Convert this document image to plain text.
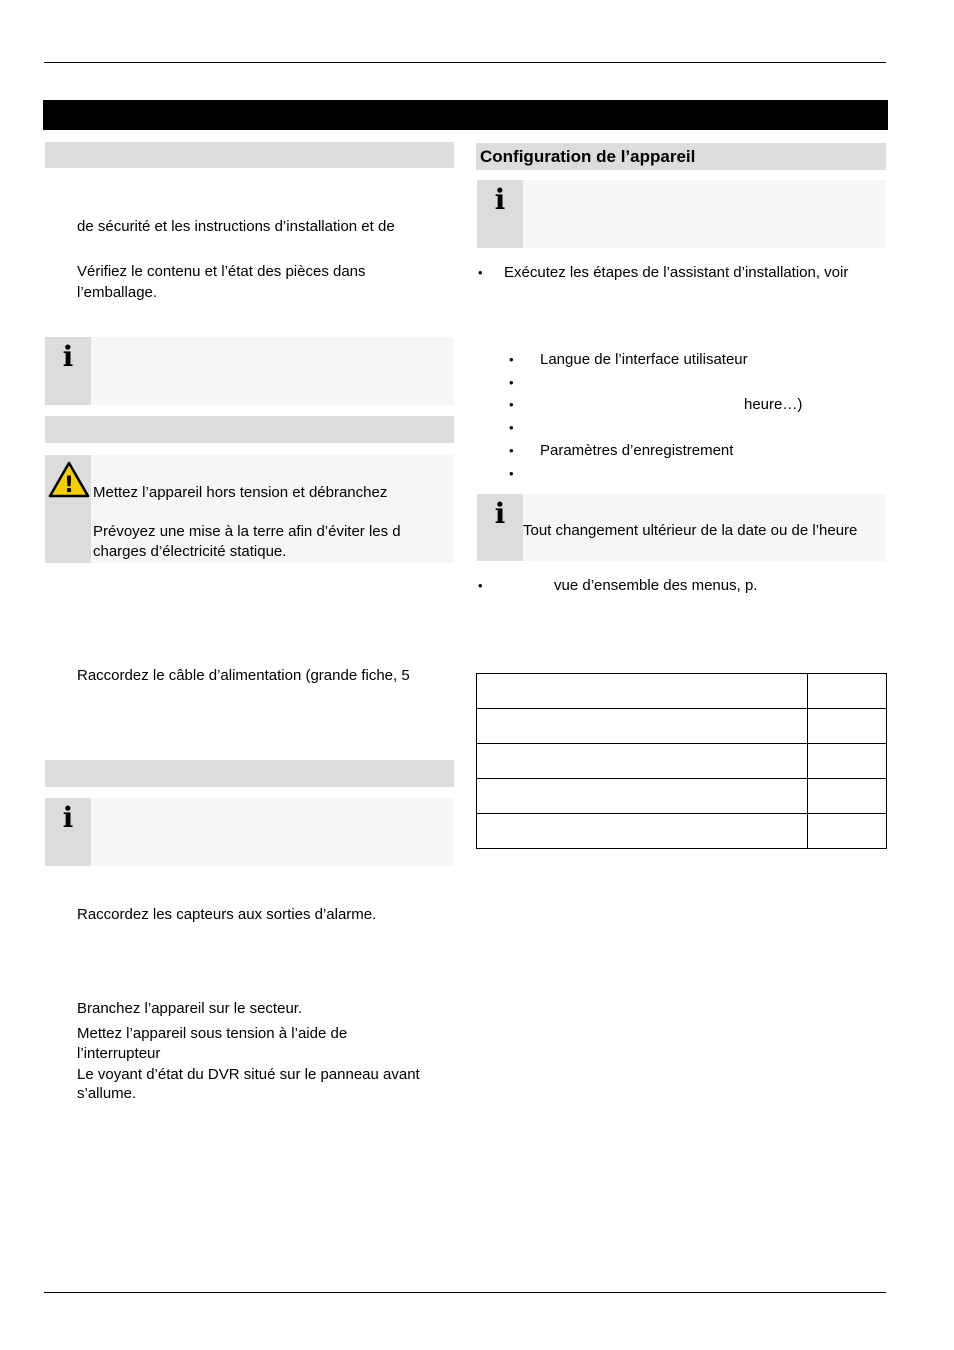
de sécurité et les instructions d’installation et de
Vérifiez le contenu et l’état des pièces dans
l’emballage.
i
! Mettez l’appareil hors tension et débranchez
Prévoyez une mise à la terre afin d’éviter les d
charges d’électricité statique.
Raccordez le câble d’alimentation (grande fiche, 5
i
Raccordez les capteurs aux sorties d’alarme.
Branchez l’appareil sur le secteur.
Mettez l’appareil sous tension à l’aide de
l’interrupteur
Le voyant d’état du DVR situé sur le panneau avant
s’allume.
Configuration de l’appareil
i
• Exécutez les étapes de l’assistant d’installation, voir
• Langue de l’interface utilisateur
•
•	heure…)
•
• Paramètres d’enregistrement
•
i
Tout changement ultérieur de la date ou de l’heure
•	vue d’ensemble des menus, p.
